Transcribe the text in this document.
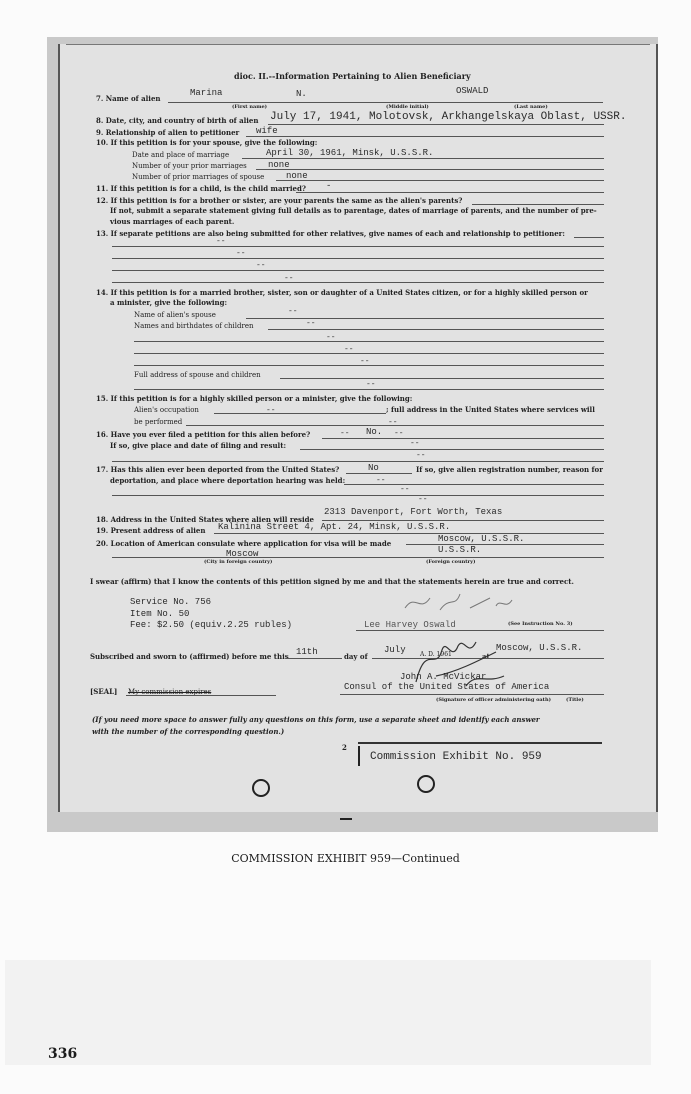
dioc. II.--Information Pertaining to Alien Beneficiary
7. Name of alien
Marina	N.	OSWALD
(First name)	(Middle initial)	(Last name)
8. Date, city, and country of birth of alien July 17, 1941, Molotovsk, Arkhangelskaya Oblast, USSR.
9. Relationship of alien to petitioner wife
10. If this petition is for your spouse, give the following:
Date and place of marriage	April 30, 1961, Minsk, U.S.S.R.
Number of your prior marriages none
Number of prior marriages of spouse none
11. If this petition is for a child, is the child married? -
12. If this petition is for a brother or sister, are your parents the same as the alien's parents?
If not, submit a separate statement giving full details as to parentage, dates of marriage of parents, and the number of pre-
vious marriages of each parent.
13. If separate petitions are also being submitted for other relatives, give names of each and relationship to petitioner:
--
--
--
--
14. If this petition is for a married brother, sister, son or daughter of a United States citizen, or for a highly skilled person or
a minister, give the following:
Name of alien's spouse	--
Names and birthdates of children	--
--
--
--
Full address of spouse and children
--
15. If this petition is for a highly skilled person or a minister, give the following:
Alien's occupation	--	; full address in the United States where services will
be performed	--
16. Have you ever filed a petition for this alien before?	-- No. --
If so, give place and date of filing and result:	--
--
17. Has this alien ever been deported from the United States?	No	If so, give alien registration number, reason for
deportation, and place where deportation hearing was held:	--
--
--
18. Address in the United States where alien will reside
2313 Davenport, Fort Worth, Texas
19. Present address of alien Kalinina Street 4, Apt. 24, Minsk, U.S.S.R.
20. Location of American consulate where application for visa will be made	Moscow, U.S.S.R.
U.S.S.R.
Moscow
(City in foreign country)	(Foreign country)
I swear (affirm) that I know the contents of this petition signed by me and that the statements herein are true and correct.
Service No. 756
Item No. 50
Fee: $2.50 (equiv.2.25 rubles)	Lee Harvey Oswald	(See Instruction No. 3)
Subscribed and sworn to (affirmed) before me this 11th	day of
July A. D. 1961	at
Moscow, U.S.S.R.
John A. McVickar
[SEAL] My commission expires	Consul of the United States of America
(Signature of officer administering oath)	(Title)
(If you need more space to answer fully any questions on this form, use a separate sheet and identify each answer
with the number of the corresponding question.)
2
Commission Exhibit No. 959
COMMISSION EXHIBIT 959—Continued
336
